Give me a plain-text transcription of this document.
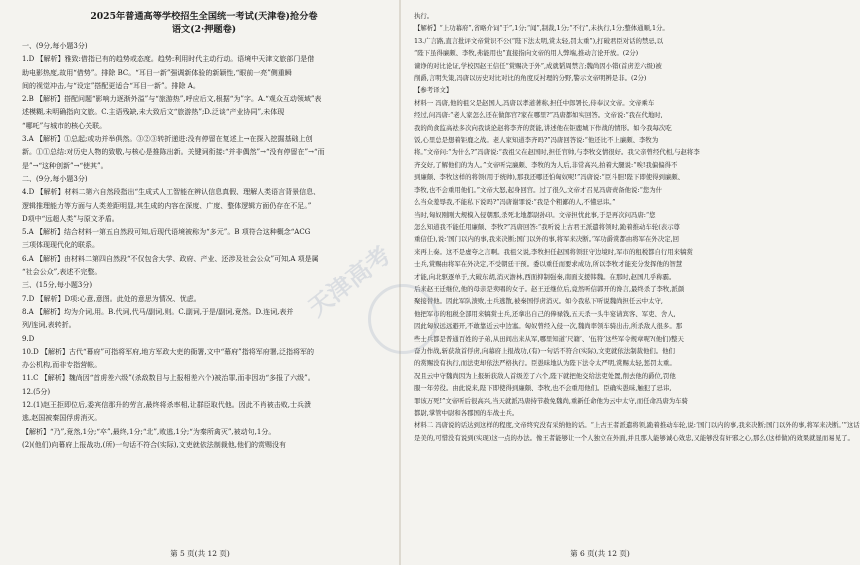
2025年普通高等学校招生全国统一考试(天津卷)抢分卷
语文(2·押题卷)
一、(9分,每小题3分)
1.D 【解析】雅致:借指已有的趋势或态度。趋势:利用时代主动行动。语境中天津文旅部门是借
助电影热度,故用“借势”。排除 BC。“耳目一新”强调新体验的新颖性,“眼前一亮”侧重瞬
间的视觉冲击,与“设定”搭配更适合“耳目一新”。排除 A。
2.B 【解析】搭配问题“影响力逐渐外溢”与“旅游热”,呼应后文,根据“为”字。A.“观众互动领域”表
述模糊,未明确指向文旅。C.主语残缺,未大致后文“旅游热”;D.泛谈“产业协同”,未体现
“哪吒”与城市的核心关联。
3.A 【解析】①总起;或功并举俱然。③②③转折递进:没有停留在复述上→在探入挖掘基础上创
新。①①总结:对历史人物的致敬,与核心是推陈出新。关键词衔接:“并非偶然”→“没有停留在”→“而
是”→“这种创新”→“使其”。
二、(9分,每小题3分)
4.D 【解析】材料二第六自然段指出“生成式人工智能在辨认信息真假、理解人类语言背景信息、
逻辑推理能力等方面与人类差距明显,其生成的内容在深度、广度、整体逻辑方面仍存在不足。”
D项中“远超人类”与原文矛盾。
5.A 【解析】结合材料一第五自然段可知,后现代语境被称为“多元”。B 项符合这种概念“ACG
三项体现现代化的联系。
6.A 【解析】由材料二第四自然段“不仅包含大学、政府、产业、还涉及社会公众”可知,A 项是属
“社会公众”,表述不完整。
三、(15分,每小题3分)
7.D 【解析】D项:心意,意图。此处的意思为情况、忧虑。
8.A 【解析】均为介词,用。B.代词,代马/副词,则。C.副词,于是/副词,竟然。D.连词,表并
列/连词,表转折。
9.D
10.D 【解析】古代“幕府”可指将军府,地方军政大吏的衙署,文中“幕府”指将军府署,泛指将军的
办公机构,而非专指营帐。
11.C 【解析】魏尚因“首虏差六级”(杀敌数目与上报相差六个)被治罪,而非因功“多报了六级”。
12.(5分)
12.(1)赵王拒即位后,委宾信那升的劳言,最终将杀率相,让群臣取代他。因此不肖被击败,士兵溃
逃,赵国被秦国俘虏消灭。
【解析】“乃”,竟然,1分;“卒”,最终,1分;“北”,败逃,1分;“为秦所禽灭”,被动句,1分。
(2)(他们)向幕府上报战功,(所)一句话不符合(实际),文吏就依法制裁他,他们的赏赐没有
第 5 页(共 12 页)
执行。
【解析】“上功幕府”,省略介词“于”,1分;“闻”,制裁,1分;“不行”,未执行,1分;整体通顺,1分。
13.广言路,直言批评文帝赏识不公(“陛下法太明,赏太轻,罚太重”),打破君臣对话的禁忌,以
“陛下虽得廉颇、李牧,弗能用也”直接指向文帝的用人弊端,推动言论开放。(2分)
谏诤的对比论证,学校因赵王信任“赏赐决于外”,成就韬周禁言;魏尚因小错(首虏差六级)被
削爵,言明失策,冯唐以历史对比对比的角度反衬理的分野,警示文帝明辨是非。(2分)
【参考译文】
材料一 冯唐,他的祖父是赵国人,冯唐以孝道著称,担任中郎署长,侍奉汉文帝。文帝乘车
经过,问冯唐:“老人家怎么还在做郎官?家在哪里?”冯唐都如实回答。文帝说:“我在代地时,
我的尚食监高祛多次向我谈论赵将李齐的贤能,讲述他在钜鹿城下作战的情形。如今我每次吃
饭,心里总是想着钜鹿之战。老人家知道李齐吗?”冯唐回答说:“他还比不上廉颇、李牧为
将。”文帝问:“为什么?”冯唐说:“我祖父在赵国时,担任官帅,与李牧交情很好。我父亲曾经代相,与赵将李
齐交好,了解他们的为人。”文帝听完廉颇、李牧的为人后,非常高兴,拍着大腿说:“唉!我偏偏得不
到廉颇、李牧这样的将领(用于统帅),那我还哪还怕匈奴呢!”冯唐说:“臣斗胆!陛下即使得到廉颇、
李牧,也不会重用他们。”文帝大怒,起身回宫。过了很久,文帝才召见冯唐责备他说:“您为什
么当众羞辱我,不能私下说吗?”冯唐谢罪说:“我是个粗鄙的人,不懂忌讳。”
当时,匈奴刚刚大规模入侵朝那,杀死北地都尉孙印。文帝担忧此事,于是再次问冯唐:“您
怎么知道我不能任用廉颇、李牧?”冯唐回答:“我听说上古君王派遣将领时,跪着推动车轮(表示尊
重信任),说:‘国门以内的事,我来决断;国门以外的事,将军来决断。’军功爵赏都由将军在外决定,回
来再上奏。这不是虚夸之言啊。我祖父说,李牧担任赵国将领驻守边境时,军市的租税都自行用来犒赏
士兵,赏赐由将军在外决定,不受朝廷干预。委以重任而要求成功,所以李牧才能充分发挥他的智慧
才能,向北驱逐单于,大破东胡,消灭澹林,西面抑制强秦,南面支援韩魏。在那时,赵国几乎称霸。
后来赵王迁继位,他的母亲是卖唱的女子。赵王迁继位后,竟然听信郭开的谗言,最终杀了李牧,派颜
聚接替他。因此军队溃败,士兵逃散,被秦国俘虏消灭。如今我私下听说魏尚担任云中太守,
他把军市的租税全部用来犒赏士兵,还拿出自己的俸禄钱,五天杀一头牛宴请宾客、军吏、舍人,
因此匈奴远远避开,不敢靠近云中边塞。匈奴曾经入侵一次,魏尚率领车骑出击,所杀敌人很多。那
些士兵都是普通百姓的子弟,从田间出来从军,哪里知道‘尺籍’、‘伍符’这些军令规章呢?(他们)整天
奋力作战,斩获敌首俘虏,向幕府上报战功,(有)一句话不符合(实际),文吏就依法制裁他们。他们
的赏赐没有执行,而法吏却依法严格执行。臣愚昧地认为陛下法令太严明,赏赐太轻,惩罚太重。
况且云中守魏尚因为上报斩获敌人首级差了六个,陛下就把他交给法吏处置,削去他的爵位,罚他
服一年劳役。由此说来,陛下即使得到廉颇、李牧,也不会重用他们。臣确实愚昧,触犯了忌讳,
罪该万死!”文帝听后很高兴,当天就派冯唐持节赦免魏尚,重新任命他为云中太守,而任命冯唐为车骑
都尉,掌管中尉和各郡国的车战士兵。
材料二 冯唐说的话达到这样的程度,文帝终究没有采纳他的话。“上古王者派遣将领,跪着推动车轮,说:‘国门以内的事,我来决断;国门以外的事,将军来决断。’”这话
是美的,可惜没有说到(实现)这一点的办法。像王者能够让一个人独立在外面,并且那人能够诚心效忠,又能够没有奸邪之心,那么(这样做)的效果就显而易见了。
第 6 页(共 12 页)
天津高考
